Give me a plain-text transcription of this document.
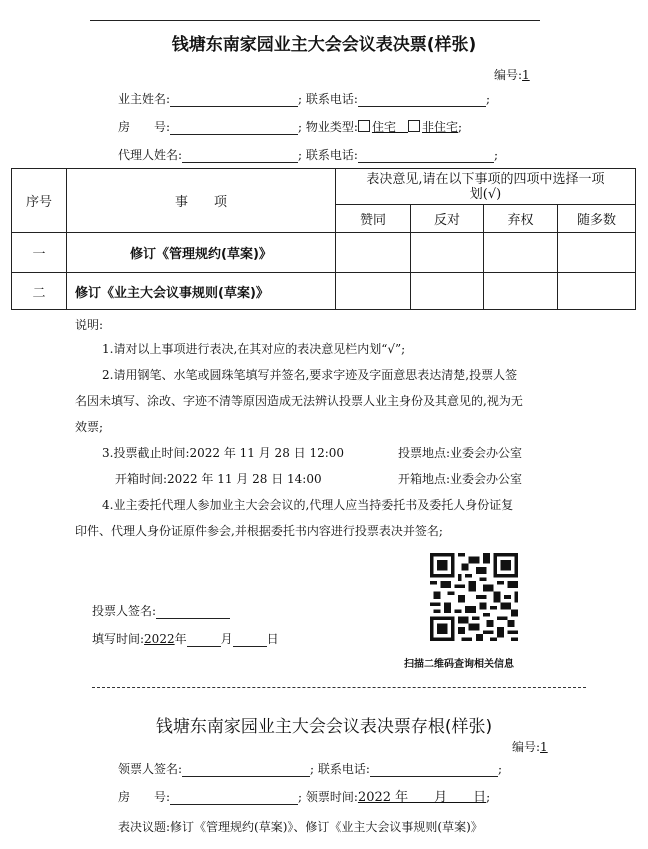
钱塘东南家园业主大会会议表决票(样张)
编号:1
业主姓名:	; 联系电话:	;
房　　号:	; 物业类型: 住宅　 非住宅;
代理人姓名:	; 联系电话:	;
序号	事　　项	表决意见,请在以下事项的四项中选择一项划(√)			
		赞同	反对	弃权	随多数
一	修订《管理规约(草案)》				
二	修订《业主大会议事规则(草案)》				
说明:
1.请对以上事项进行表决,在其对应的表决意见栏内划“√”;
2.请用钢笔、水笔或圆珠笔填写并签名,要求字迹及字面意思表达清楚,投票人签
名因未填写、涂改、字迹不清等原因造成无法辨认投票人业主身份及其意见的,视为无
效票;
3.投票截止时间:2022 年 11 月 28 日 12:00	投票地点:业委会办公室
开箱时间:2022 年 11 月 28 日 14:00	开箱地点:业委会办公室
4.业主委托代理人参加业主大会会议的,代理人应当持委托书及委托人身份证复
印件、代理人身份证原件参会,并根据委托书内容进行投票表决并签名;
投票人签名:
填写时间:2022年	月	日
扫描二维码查询相关信息
钱塘东南家园业主大会会议表决票存根(样张)
编号:1
领票人签名:	; 联系电话:	;
房　　号:	; 领票时间:2022 年　　月　　日;
表决议题:修订《管理规约(草案)》、修订《业主大会议事规则(草案)》
